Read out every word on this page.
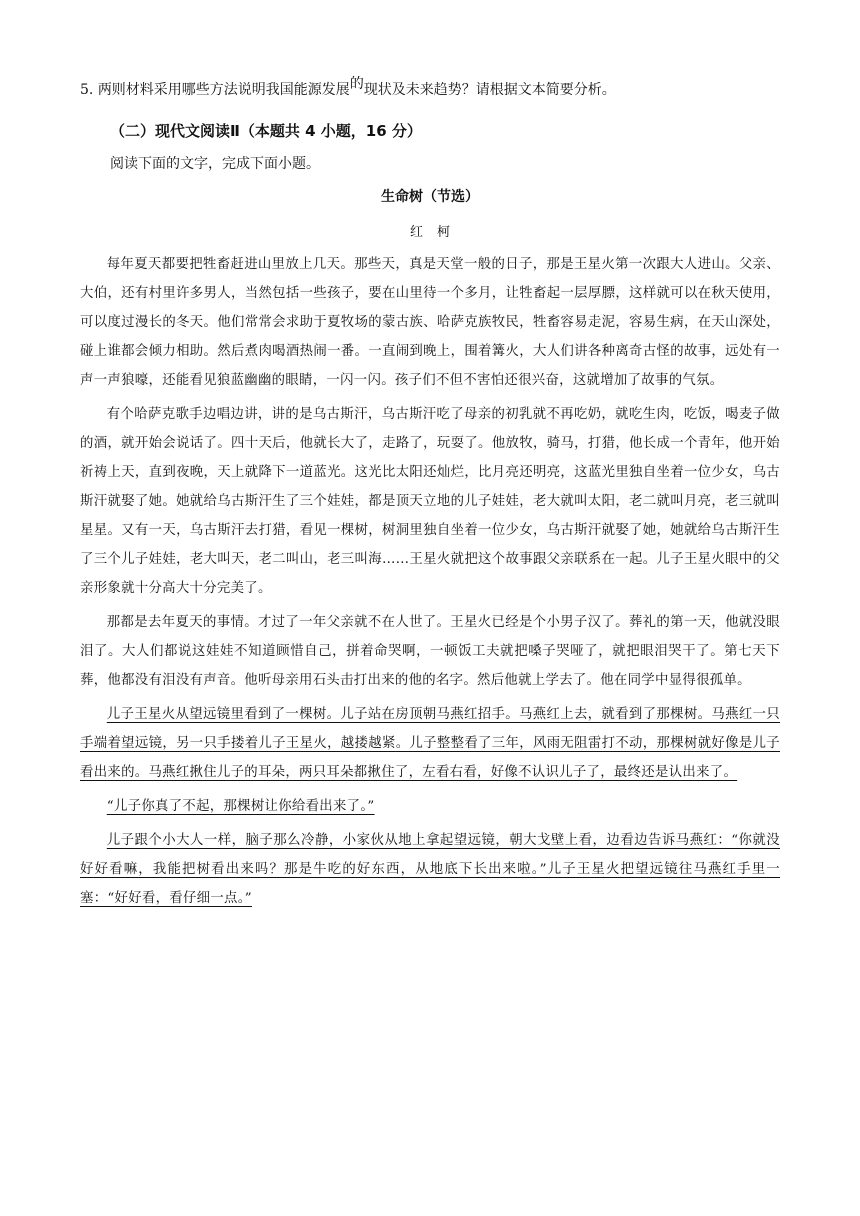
5. 两则材料采用哪些方法说明我国能源发展的现状及未来趋势？请根据文本简要分析。
（二）现代文阅读Ⅱ（本题共 4 小题，16 分）
阅读下面的文字，完成下面小题。
生命树（节选）
红柯

每年夏天都要把牲畜赶进山里放上几天。那些天，真是天堂一般的日子，那是王星火第一次跟大人进山。父亲、大伯，还有村里许多男人，当然包括一些孩子，要在山里待一个多月，让牲畜起一层厚膘，这样就可以在秋天使用，可以度过漫长的冬天。他们常常会求助于夏牧场的蒙古族、哈萨克族牧民，牲畜容易走泥，容易生病，在天山深处，碰上谁都会倾力相助。然后煮肉喝酒热闹一番。一直闹到晚上，围着篝火，大人们讲各种离奇古怪的故事，远处有一声一声狼嚎，还能看见狼蓝幽幽的眼睛，一闪一闪。孩子们不但不害怕还很兴奋，这就增加了故事的气氛。

有个哈萨克歌手边唱边讲，讲的是乌古斯汗，乌古斯汗吃了母亲的初乳就不再吃奶，就吃生肉，吃饭，喝麦子做的酒，就开始会说话了。四十天后，他就长大了，走路了，玩耍了。他放牧，骑马，打猎，他长成一个青年，他开始祈祷上天，直到夜晚，天上就降下一道蓝光。这光比太阳还灿烂，比月亮还明亮，这蓝光里独自坐着一位少女，乌古斯汗就娶了她。她就给乌古斯汗生了三个娃娃，都是顶天立地的儿子娃娃，老大就叫太阳，老二就叫月亮，老三就叫星星。又有一天，乌古斯汗去打猎，看见一棵树，树洞里独自坐着一位少女，乌古斯汗就娶了她，她就给乌古斯汗生了三个儿子娃娃，老大叫天，老二叫山，老三叫海……王星火就把这个故事跟父亲联系在一起。儿子王星火眼中的父亲形象就十分高大十分完美了。

那都是去年夏天的事情。才过了一年父亲就不在人世了。王星火已经是个小男子汉了。葬礼的第一天，他就没眼泪了。大人们都说这娃娃不知道顾惜自己，拼着命哭啊，一顿饭工夫就把嗓子哭哑了，就把眼泪哭干了。第七天下葬，他都没有泪没有声音。他听母亲用石头击打出来的他的名字。然后他就上学去了。他在同学中显得很孤单。

儿子王星火从望远镜里看到了一棵树。儿子站在房顶朝马燕红招手。马燕红上去，就看到了那棵树。马燕红一只手端着望远镜，另一只手搂着儿子王星火，越搂越紧。儿子整整看了三年，风雨无阻雷打不动，那棵树就好像是儿子看出来的。马燕红揪住儿子的耳朵，两只耳朵都揪住了，左看右看，好像不认识儿子了，最终还是认出来了。

“儿子你真了不起，那棵树让你给看出来了。”

儿子跟个小大人一样，脑子那么冷静，小家伙从地上拿起望远镜，朝大戈壁上看，边看边告诉马燕红：“你就没好好看嘛，我能把树看出来吗？那是牛吃的好东西，从地底下长出来啦。”儿子王星火把望远镜往马燕红手里一塞：“好好看，看仔细一点。”
